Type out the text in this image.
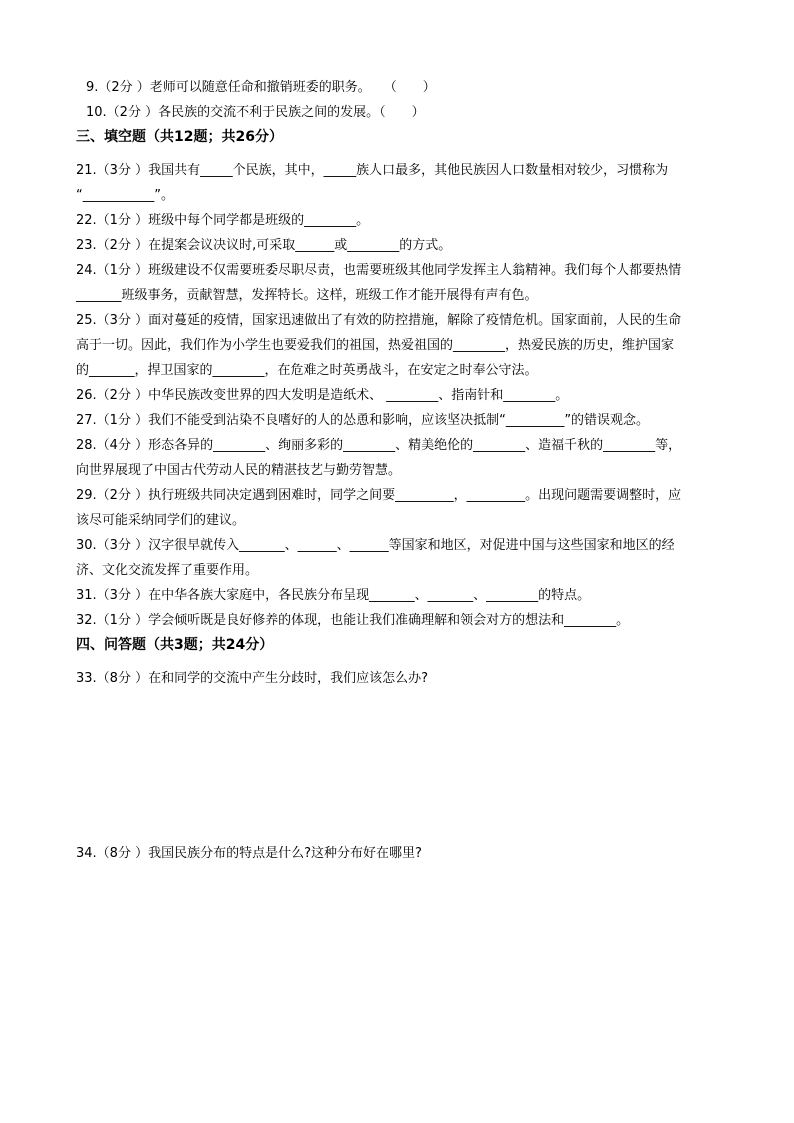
9.（2分 ）老师可以随意任命和撤销班委的职务。　　（　　）
10.（2分 ）各民族的交流不利于民族之间的发展。（　　）
三、填空题（共12题；共26分）
21.（3分 ）我国共有_____个民族，其中，_____族人口最多，其他民族因人口数量相对较少，习惯称为
“___________”。
22.（1分 ）班级中每个同学都是班级的________。
23.（2分 ）在提案会议决议时,可采取______或________的方式。
24.（1分 ）班级建设不仅需要班委尽职尽责，也需要班级其他同学发挥主人翁精神。我们每个人都要热情
_______班级事务，贡献智慧，发挥特长。这样，班级工作才能开展得有声有色。
25.（3分 ）面对蔓延的疫情，国家迅速做出了有效的防控措施，解除了疫情危机。国家面前，人民的生命
高于一切。因此，我们作为小学生也要爱我们的祖国，热爱祖国的________，热爱民族的历史，维护国家
的_______，捍卫国家的________，在危难之时英勇战斗，在安定之时奉公守法。
26.（2分 ）中华民族改变世界的四大发明是造纸术、 ________、指南针和________。
27.（1分 ）我们不能受到沾染不良嗜好的人的怂恿和影响，应该坚决抵制“_________”的错误观念。
28.（4分 ）形态各异的________、绚丽多彩的________、精美绝伦的________、造福千秋的________等，
向世界展现了中国古代劳动人民的精湛技艺与勤劳智慧。
29.（2分 ）执行班级共同决定遇到困难时，同学之间要_________，_________。出现问题需要调整时，应
该尽可能采纳同学们的建议。
30.（3分 ）汉字很早就传入_______、______、______等国家和地区，对促进中国与这些国家和地区的经
济、文化交流发挥了重要作用。
31.（3分 ）在中华各族大家庭中，各民族分布呈现_______、_______、________的特点。
32.（1分 ）学会倾听既是良好修养的体现，也能让我们准确理解和领会对方的想法和________。
四、问答题（共3题；共24分）
33.（8分 ）在和同学的交流中产生分歧时，我们应该怎么办?
34.（8分 ）我国民族分布的特点是什么?这种分布好在哪里?
